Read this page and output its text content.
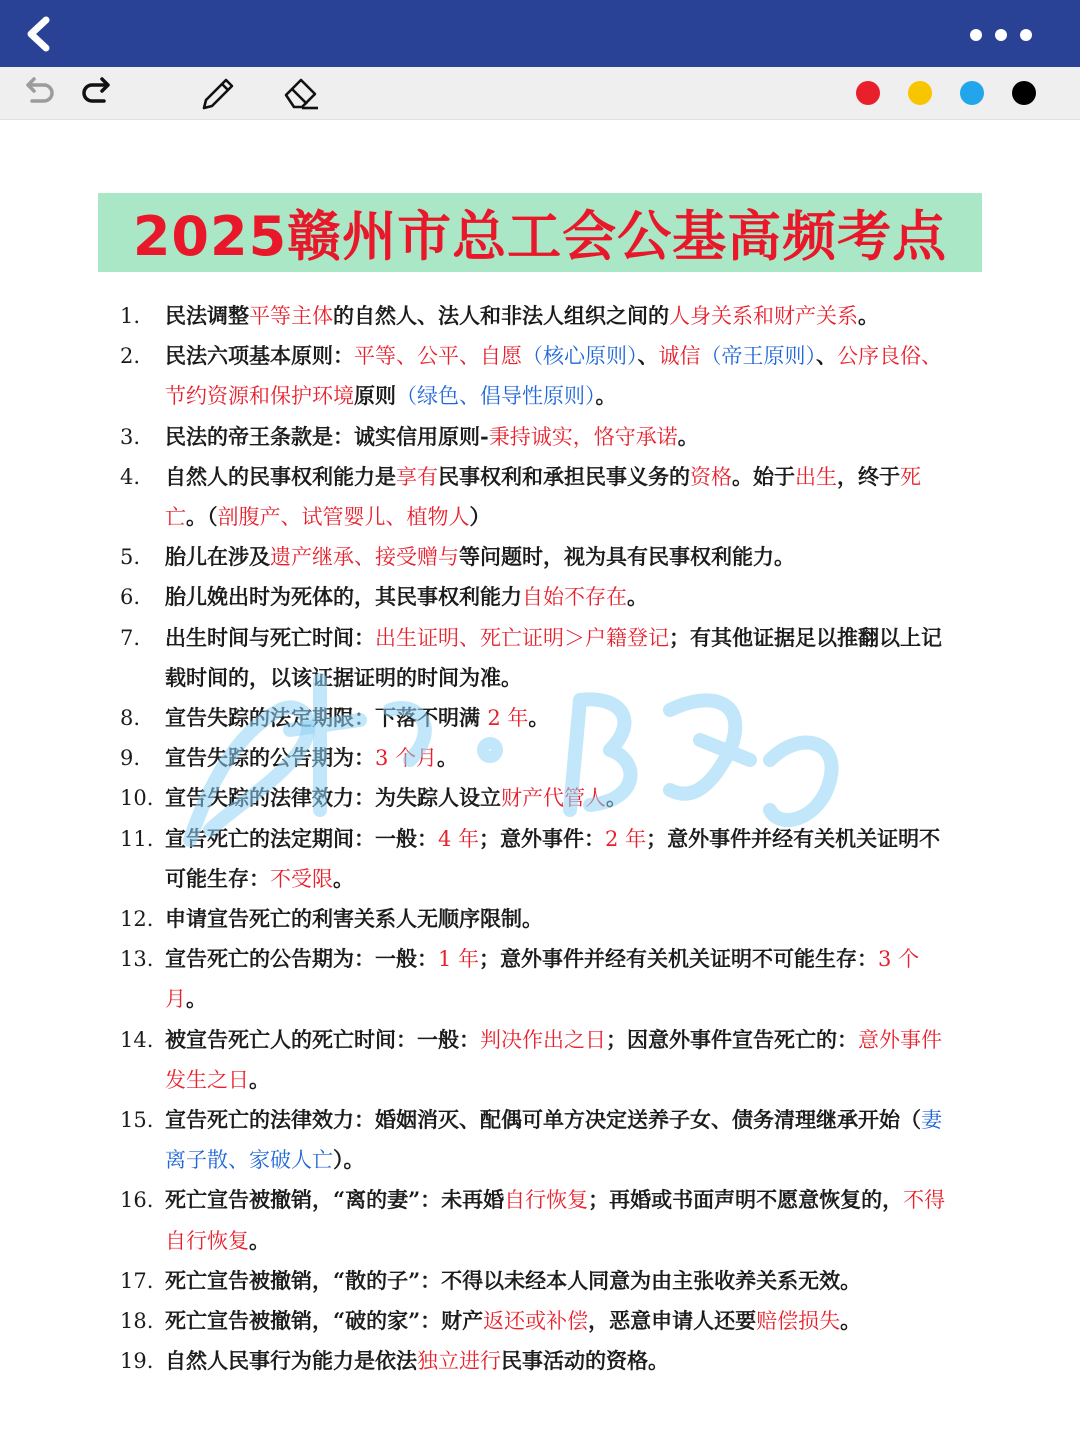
2025赣州市总工会公基高频考点
1. 民法调整平等主体的自然人、法人和非法人组织之间的人身关系和财产关系。
2. 民法六项基本原则：平等、公平、自愿（核心原则）、诚信（帝王原则）、公序良俗、节约资源和保护环境原则（绿色、倡导性原则）。
3. 民法的帝王条款是：诚实信用原则-秉持诚实，恪守承诺。
4. 自然人的民事权利能力是享有民事权利和承担民事义务的资格。始于出生，终于死亡。（剖腹产、试管婴儿、植物人）
5. 胎儿在涉及遗产继承、接受赠与等问题时，视为具有民事权利能力。
6. 胎儿娩出时为死体的，其民事权利能力自始不存在。
7. 出生时间与死亡时间：出生证明、死亡证明＞户籍登记；有其他证据足以推翻以上记载时间的，以该证据证明的时间为准。
8. 宣告失踪的法定期限：下落不明满 2 年。
9. 宣告失踪的公告期为：3 个月。
10. 宣告失踪的法律效力：为失踪人设立财产代管人。
11. 宣告死亡的法定期间：一般：4 年；意外事件：2 年；意外事件并经有关机关证明不可能生存：不受限。
12. 申请宣告死亡的利害关系人无顺序限制。
13. 宣告死亡的公告期为：一般：1 年；意外事件并经有关机关证明不可能生存：3 个月。
14. 被宣告死亡人的死亡时间：一般：判决作出之日；因意外事件宣告死亡的：意外事件发生之日。
15. 宣告死亡的法律效力：婚姻消灭、配偶可单方决定送养子女、债务清理继承开始（妻离子散、家破人亡）。
16. 死亡宣告被撤销，“离的妻”：未再婚自行恢复；再婚或书面声明不愿意恢复的，不得自行恢复。
17. 死亡宣告被撤销，“散的子”：不得以未经本人同意为由主张收养关系无效。
18. 死亡宣告被撤销，“破的家”：财产返还或补偿，恶意申请人还要赔偿损失。
19. 自然人民事行为能力是依法独立进行民事活动的资格。
